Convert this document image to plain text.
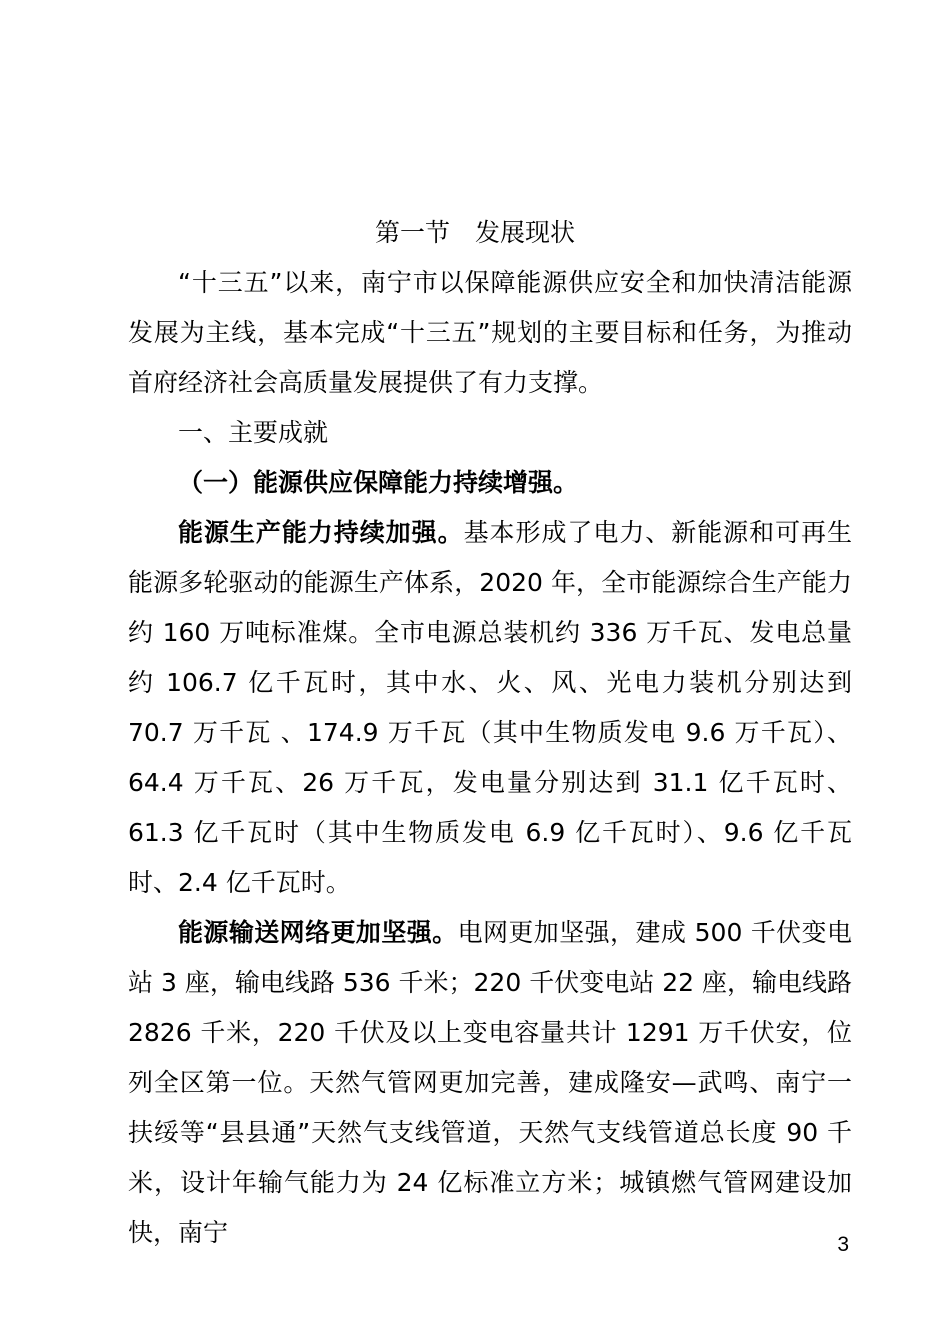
第一节　发展现状

“十三五”以来，南宁市以保障能源供应安全和加快清洁能源发展为主线，基本完成“十三五”规划的主要目标和任务，为推动首府经济社会高质量发展提供了有力支撑。

一、主要成就

（一）能源供应保障能力持续增强。

能源生产能力持续加强。基本形成了电力、新能源和可再生能源多轮驱动的能源生产体系，2020 年，全市能源综合生产能力约 160 万吨标准煤。全市电源总装机约 336 万千瓦、发电总量约 106.7 亿千瓦时，其中水、火、风、光电力装机分别达到 70.7 万千瓦 、174.9 万千瓦（其中生物质发电 9.6 万千瓦）、64.4 万千瓦、26 万千瓦，发电量分别达到 31.1 亿千瓦时、61.3 亿千瓦时（其中生物质发电 6.9 亿千瓦时）、9.6 亿千瓦时、2.4 亿千瓦时。

能源输送网络更加坚强。电网更加坚强，建成 500 千伏变电站 3 座，输电线路 536 千米；220 千伏变电站 22 座，输电线路 2826 千米，220 千伏及以上变电容量共计 1291 万千伏安，位列全区第一位。天然气管网更加完善，建成隆安—武鸣、南宁一扶绥等“县县通”天然气支线管道，天然气支线管道总长度 90 千米，设计年输气能力为 24 亿标准立方米；城镇燃气管网建设加快，南宁	3
